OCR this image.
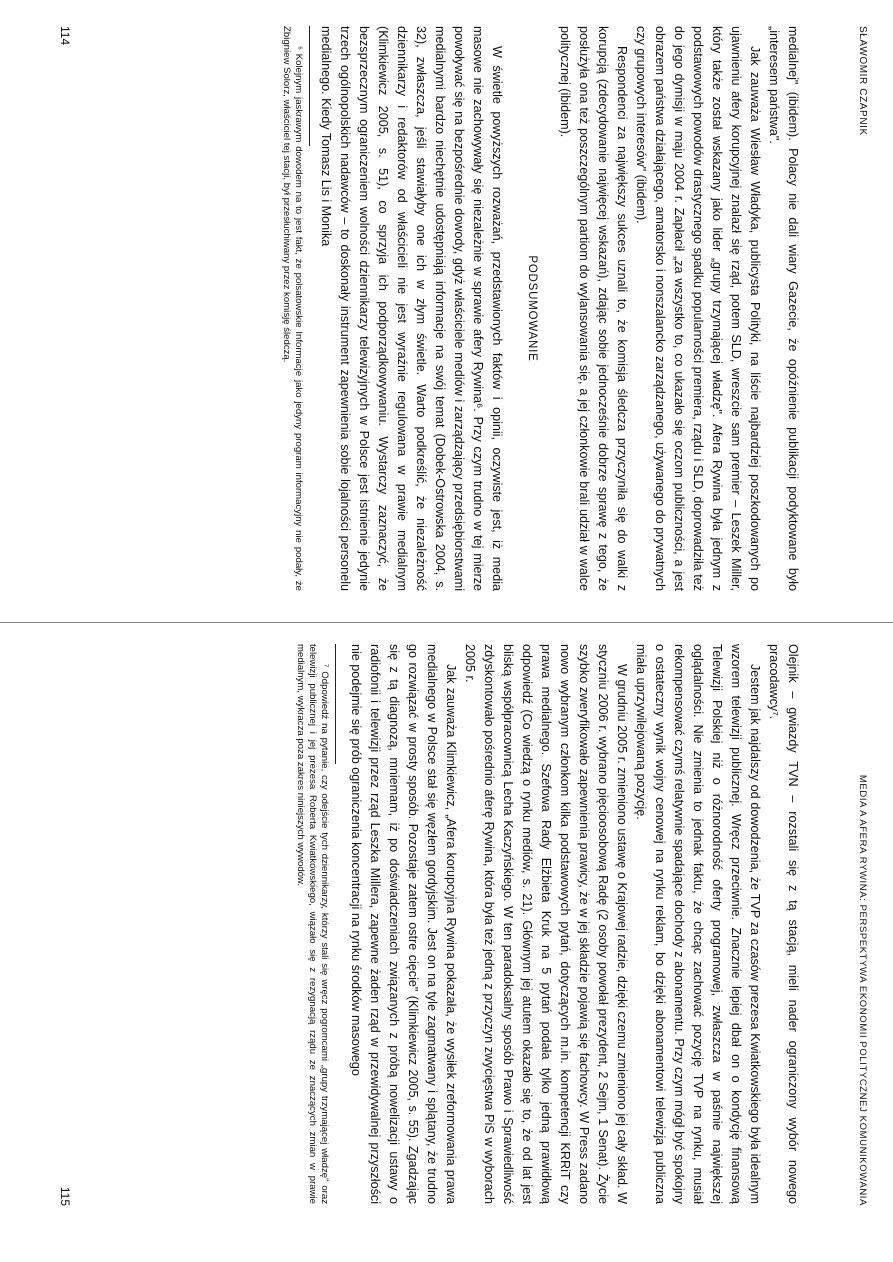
SŁAWOMIR CZAPNIK

medialnej" (ibidem). Polacy nie dali wiary Gazecie, że opóźnienie publikacji podyktowane było „interesem państwa".

Jak zauważa Wiesław Władyka, publicysta Polityki, na liście najbardziej poszkodowanych po ujawnieniu afery korupcyjnej znalazł się rząd, potem SLD, wreszcie sam premier – Leszek Miller, który także został wskazany jako lider „grupy trzymającej władzę". Afera Rywina była jednym z podstawowych powodów drastycznego spadku popularności premiera, rządu i SLD, doprowadziła też do jego dymisji w maju 2004 r. Zapłacił „za wszystko to, co ukazało się oczom publiczności, a jest obrazem państwa działającego, amatorsko i nonszalancko zarządzanego, używanego do prywatnych czy grupowych interesów" (ibidem).

Respondenci za największy sukces uznali to, że komisja śledcza przyczyniła się do walki z korupcją (zdecydowanie najwięcej wskazań), zdając sobie jednocześnie dobrze sprawę z tego, że posłużyła ona też poszczególnym partiom do wylansowania się, a jej członkowie brali udział w walce politycznej (ibidem).

PODSUMOWANIE

W świetle powyższych rozważań, przedstawionych faktów i opinii, oczywiste jest, iż media masowe nie zachowywały się niezależnie w sprawie afery Rywina⁶. Przy czym trudno w tej mierze powoływać się na bezpośrednie dowody, gdyż właściciele mediów i zarządzający przedsiębiorstwami medialnymi bardzo niechętnie udostępniają informacje na swój temat (Dobek-Ostrowska 2004, s. 32), zwłaszcza, jeśli stawiałyby one ich w złym świetle. Warto podkreślić, że niezależność dziennikarzy i redaktorów od właścicieli nie jest wyraźnie regulowana w prawie medialnym (Klimkiewicz 2005, s. 51), co sprzyja ich podporządkowywaniu. Wystarczy zaznaczyć, że bezsprzecznym ograniczeniem wolności dziennikarzy telewizyjnych w Polsce jest istnienie jedynie trzech ogólnopolskich nadawców – to doskonały instrument zapewnienia sobie lojalności personelu medialnego. Kiedy Tomasz Lis i Monika

⁶ Kolejnym jaskrawym dowodem na to jest fakt, że polsatowskie Informacje jako jedyny program informacyjny nie podały, że Zbigniew Solorz, właściciel tej stacji, był przesłuchiwany przez komisję śledczą.

114
MEDIA A AFERA RYWINA: PERSPEKTYWA EKONOMII POLITYCZNEJ KOMUNIKOWANIA

Olejnik – gwiazdy TVN – rozstali się z tą stacją, mieli nader ograniczony wybór nowego pracodawcy⁷.

Jestem jak najdalszy od dowodzenia, że TVP za czasów prezesa Kwiatkowskiego była idealnym wzorem telewizji publicznej. Wręcz przeciwnie. Znacznie lepiej dbał on o kondycję finansową Telewizji Polskiej niż o różnorodność oferty programowej, zwłaszcza w paśmie największej oglądalności. Nie zmienia to jednak faktu, że chcąc zachować pozycję TVP na rynku, musiał rekompensować czymś relatywnie spadające dochody z abonamentu. Przy czym mógł być spokojny o ostateczny wynik wojny cenowej na rynku reklam, bo dzięki abonamentowi telewizja publiczna miała uprzywilejowaną pozycję.

W grudniu 2005 r. zmieniono ustawę o Krajowej radzie, dzięki czemu zmieniono jej cały skład. W styczniu 2006 r. wybrano pięcioosobową Radę (2 osoby powołał prezydent, 2 Sejm, 1 Senat). Życie szybko zweryfikowało zapewnienia prawicy, że w jej składzie pojawią się fachowcy. W Press zadano nowo wybranym członkom kilka podstawowych pytań, dotyczących m.in. kompetencji KRRiT czy prawa medialnego. Szefowa Rady Elżbieta Kruk na 5 pytań podała tylko jedną prawidłową odpowiedź (Co wiedzą o rynku mediów, s. 21). Głównym jej atutem okazało się to, że od lat jest bliską współpracownicą Lecha Kaczyńskiego. W ten paradoksalny sposób Prawo i Sprawiedliwość zdyskontowało pośrednio aferę Rywina, która była też jedną z przyczyn zwycięstwa PiS w wyborach 2005 r.

Jak zauważa Klimkiewicz, „Afera korupcyjna Rywina pokazała, że wysiłek zreformowania prawa medialnego w Polsce stał się węzłem gordyjskim. Jest on na tyle zagmatwany i splątany, że trudno go rozwiązać w prosty sposób. Pozostaje zatem ostre cięcie" (Klimkiewicz 2005, s. 55). Zgadzając się z tą diagnozą, mniemam, iż po doświadczeniach związanych z próbą nowelizacji ustawy o radiofonii i telewizji przez rząd Leszka Millera, zapewne żaden rząd w przewidywalnej przyszłości nie podejmie się prób ograniczenia koncentracji na rynku środków masowego

⁷ Odpowiedź na pytanie, czy odejście tych dziennikarzy, którzy stali się wręcz pogromcami „grupy trzymającej władzę" oraz telewizji publicznej i jej prezesa Roberta Kwiatkowskiego, wiązało się z rezygnacją rządu ze znaczących zmian w prawie medialnym, wykracza poza zakres niniejszych wywodów.

115
